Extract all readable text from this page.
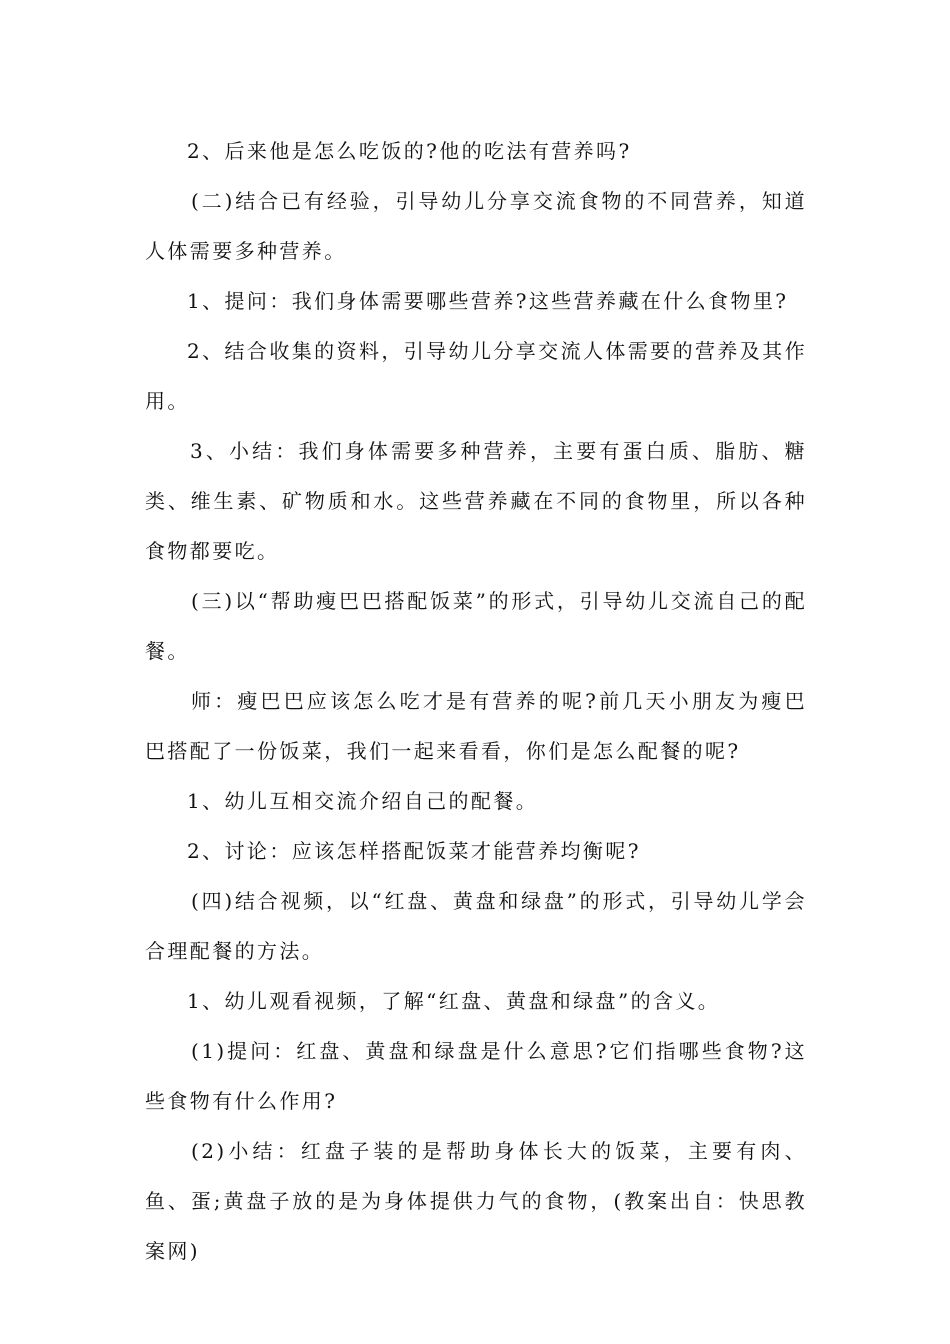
2、后来他是怎么吃饭的?他的吃法有营养吗?

(二)结合已有经验，引导幼儿分享交流食物的不同营养，知道人体需要多种营养。

1、提问：我们身体需要哪些营养?这些营养藏在什么食物里?

2、结合收集的资料，引导幼儿分享交流人体需要的营养及其作用。

3、小结：我们身体需要多种营养，主要有蛋白质、脂肪、糖类、维生素、矿物质和水。这些营养藏在不同的食物里，所以各种食物都要吃。

(三)以“帮助瘦巴巴搭配饭菜”的形式，引导幼儿交流自己的配餐。

师：瘦巴巴应该怎么吃才是有营养的呢?前几天小朋友为瘦巴巴搭配了一份饭菜，我们一起来看看，你们是怎么配餐的呢?

1、幼儿互相交流介绍自己的配餐。

2、讨论：应该怎样搭配饭菜才能营养均衡呢?

(四)结合视频，以“红盘、黄盘和绿盘”的形式，引导幼儿学会合理配餐的方法。

1、幼儿观看视频，了解“红盘、黄盘和绿盘”的含义。

(1)提问：红盘、黄盘和绿盘是什么意思?它们指哪些食物?这些食物有什么作用?

(2)小结：红盘子装的是帮助身体长大的饭菜，主要有肉、鱼、蛋;黄盘子放的是为身体提供力气的食物，(教案出自：快思教案网)
